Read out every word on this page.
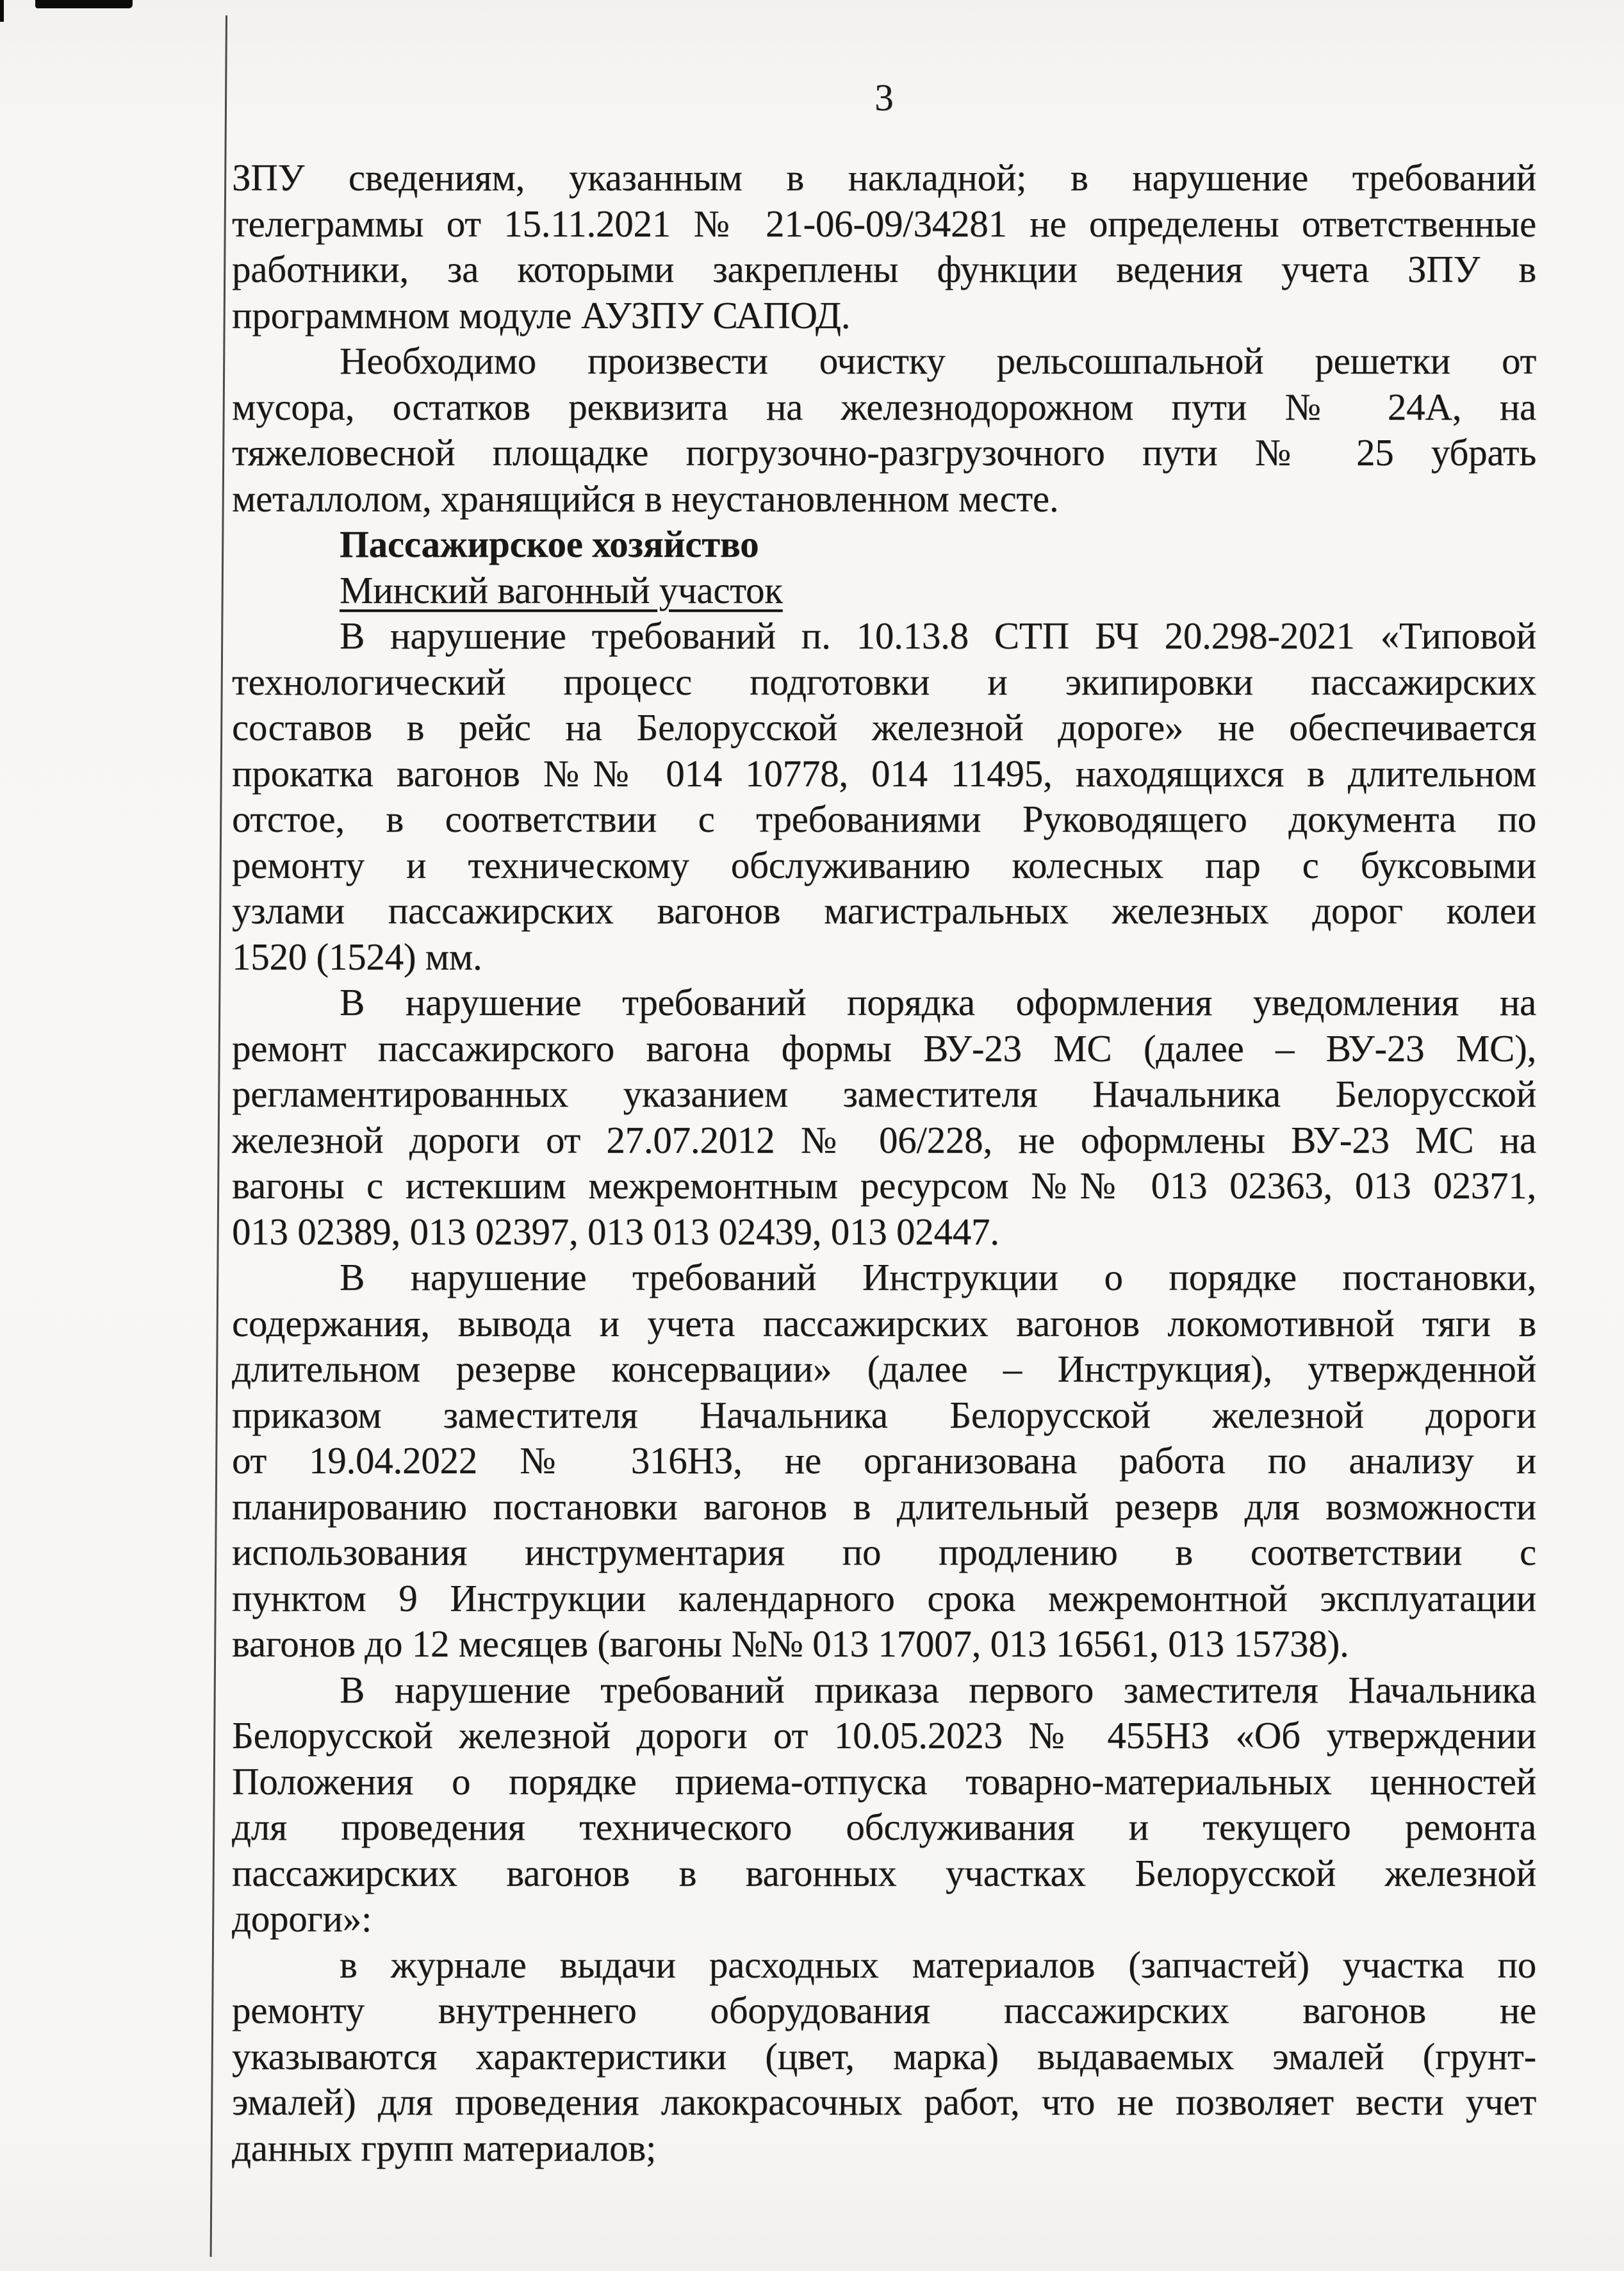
3
ЗПУ сведениям, указанным в накладной; в нарушение требований
телеграммы от 15.11.2021 № 21-06-09/34281 не определены ответственные
работники, за которыми закреплены функции ведения учета ЗПУ в
программном модуле АУЗПУ САПОД.
Необходимо произвести очистку рельсошпальной решетки от
мусора, остатков реквизита на железнодорожном пути № 24А, на
тяжеловесной площадке погрузочно-разгрузочного пути № 25 убрать
металлолом, хранящийся в неустановленном месте.
Пассажирское хозяйство
Минский вагонный участок
В нарушение требований п. 10.13.8 СТП БЧ 20.298-2021 «Типовой
технологический процесс подготовки и экипировки пассажирских
составов в рейс на Белорусской железной дороге» не обеспечивается
прокатка вагонов №№ 014 10778, 014 11495, находящихся в длительном
отстое, в соответствии с требованиями Руководящего документа по
ремонту и техническому обслуживанию колесных пар с буксовыми
узлами пассажирских вагонов магистральных железных дорог колеи
1520 (1524) мм.
В нарушение требований порядка оформления уведомления на
ремонт пассажирского вагона формы ВУ-23 МС (далее – ВУ-23 МС),
регламентированных указанием заместителя Начальника Белорусской
железной дороги от 27.07.2012 № 06/228, не оформлены ВУ-23 МС на
вагоны с истекшим межремонтным ресурсом №№ 013 02363, 013 02371,
013 02389, 013 02397, 013 013 02439, 013 02447.
В нарушение требований Инструкции о порядке постановки,
содержания, вывода и учета пассажирских вагонов локомотивной тяги в
длительном резерве консервации» (далее – Инструкция), утвержденной
приказом заместителя Начальника Белорусской железной дороги
от 19.04.2022 № 316НЗ, не организована работа по анализу и
планированию постановки вагонов в длительный резерв для возможности
использования инструментария по продлению в соответствии с
пунктом 9 Инструкции календарного срока межремонтной эксплуатации
вагонов до 12 месяцев (вагоны №№ 013 17007, 013 16561, 013 15738).
В нарушение требований приказа первого заместителя Начальника
Белорусской железной дороги от 10.05.2023 № 455НЗ «Об утверждении
Положения о порядке приема-отпуска товарно-материальных ценностей
для проведения технического обслуживания и текущего ремонта
пассажирских вагонов в вагонных участках Белорусской железной
дороги»:
в журнале выдачи расходных материалов (запчастей) участка по
ремонту внутреннего оборудования пассажирских вагонов не
указываются характеристики (цвет, марка) выдаваемых эмалей (грунт-
эмалей) для проведения лакокрасочных работ, что не позволяет вести учет
данных групп материалов;
